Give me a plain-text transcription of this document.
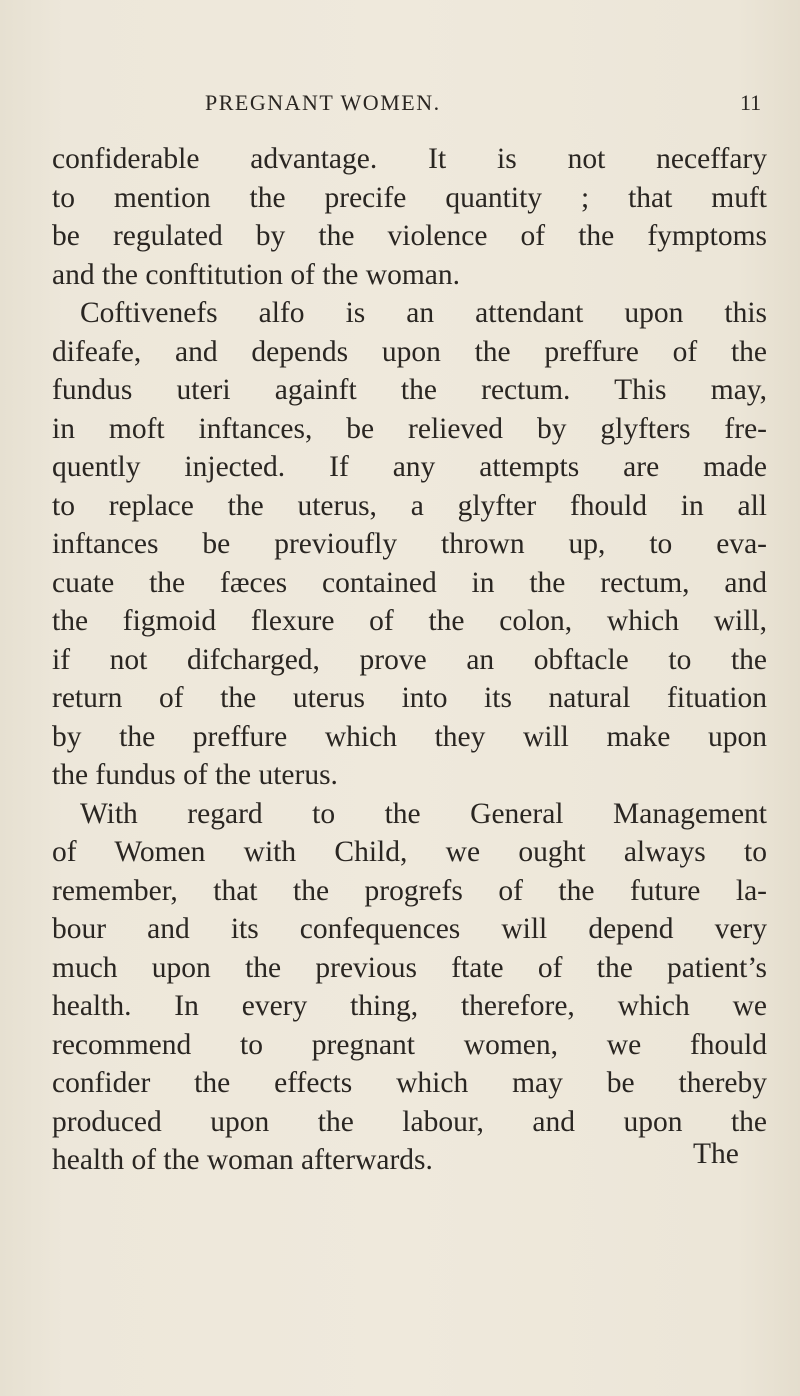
PREGNANT WOMEN.	11
confiderable advantage. It is not neceffary
to mention the precife quantity ; that muft
be regulated by the violence of the fymptoms
and the conftitution of the woman.
Coftivenefs alfo is an attendant upon this
difeafe, and depends upon the preffure of the
fundus uteri againft the rectum. This may,
in moft inftances, be relieved by glyfters fre-
quently injected. If any attempts are made
to replace the uterus, a glyfter fhould in all
inftances be previoufly thrown up, to eva-
cuate the fæces contained in the rectum, and
the figmoid flexure of the colon, which will,
if not difcharged, prove an obftacle to the
return of the uterus into its natural fituation
by the preffure which they will make upon
the fundus of the uterus.
With regard to the General Management
of Women with Child, we ought always to
remember, that the progrefs of the future la-
bour and its confequences will depend very
much upon the previous ftate of the patient’s
health. In every thing, therefore, which we
recommend to pregnant women, we fhould
confider the effects which may be thereby
produced upon the labour, and upon the
health of the woman afterwards.	The
